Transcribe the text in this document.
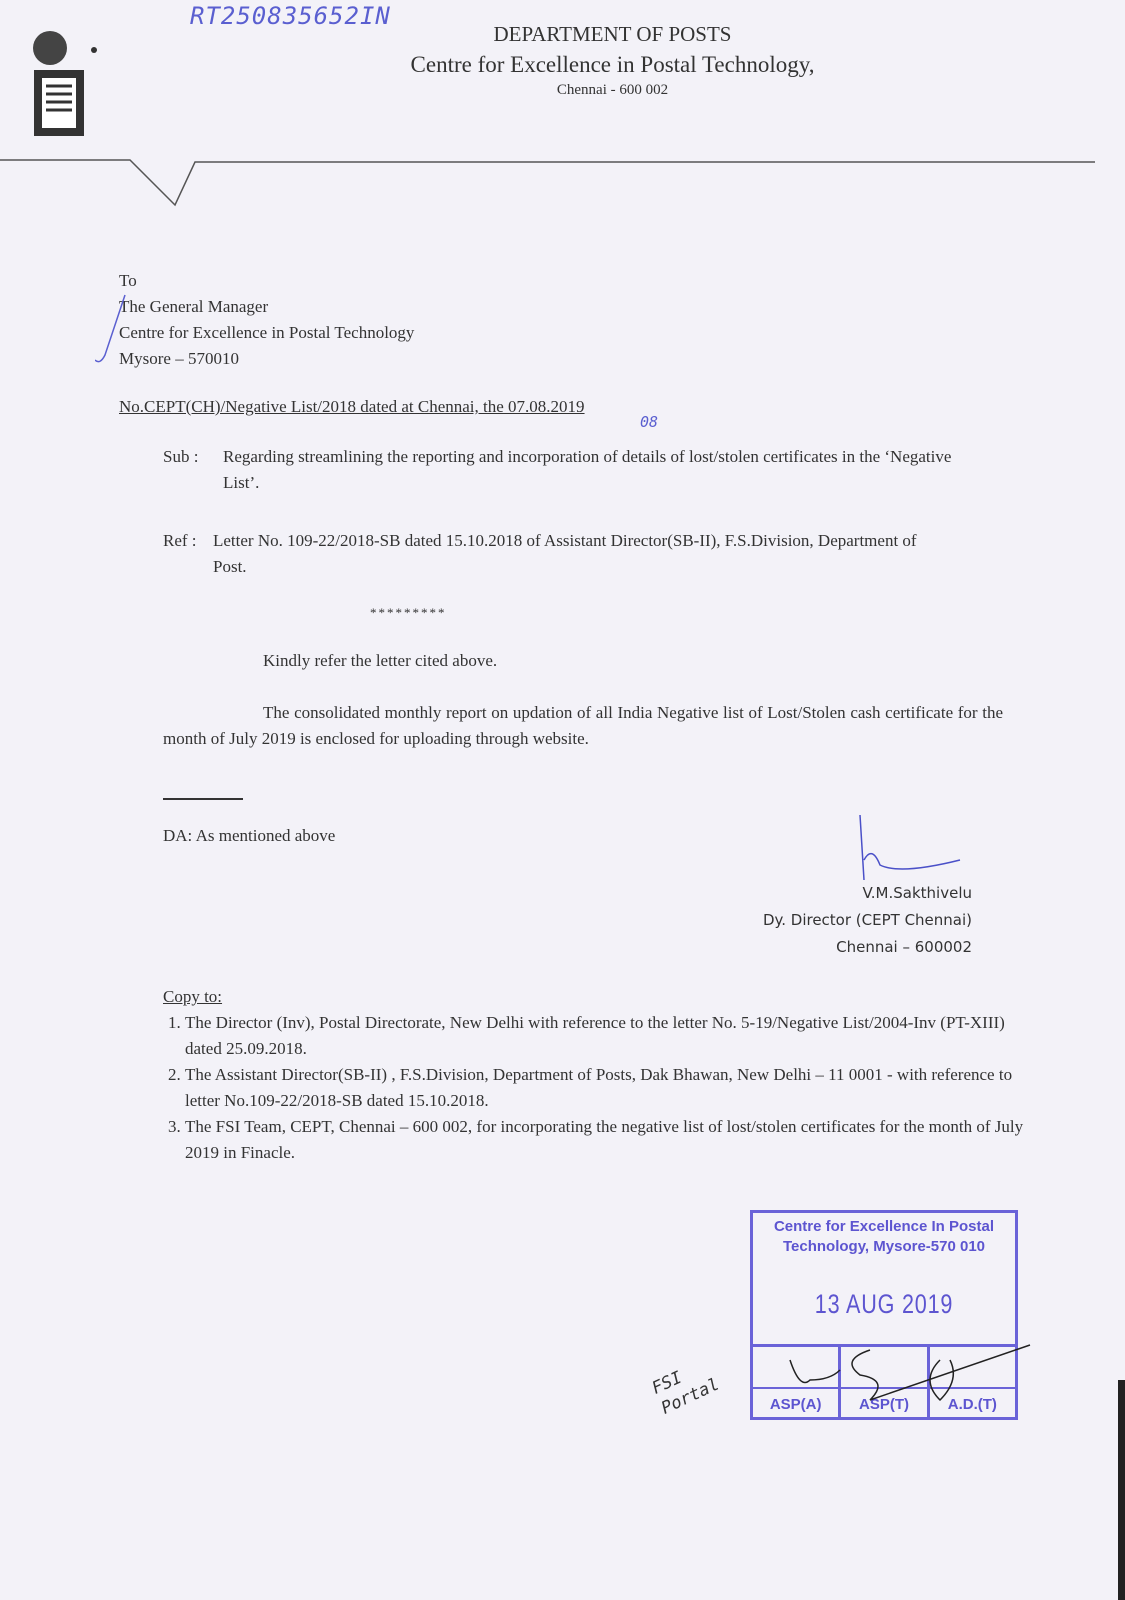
RT250835652IN
DEPARTMENT OF POSTS
Centre for Excellence in Postal Technology,
Chennai - 600 002
To
The General Manager
Centre for Excellence in Postal Technology
Mysore – 570010
No.CEPT(CH)/Negative List/2018 dated at Chennai, the 07.08.2019
08
Sub :	Regarding streamlining the reporting and incorporation of details of lost/stolen certificates in the ‘Negative List’.
Ref : Letter No. 109-22/2018-SB dated 15.10.2018 of Assistant Director(SB-II), F.S.Division, Department of Post.
*********
Kindly refer the letter cited above.
The consolidated monthly report on updation of all India Negative list of Lost/Stolen cash certificate for the month of July 2019 is enclosed for uploading through website.
DA: As mentioned above
V.M.Sakthivelu
Dy. Director (CEPT Chennai)
Chennai – 600002
Copy to:
1. The Director (Inv), Postal Directorate, New Delhi with reference to the letter No. 5-19/Negative List/2004-Inv (PT-XIII) dated 25.09.2018.
2. The Assistant Director(SB-II) , F.S.Division, Department of Posts, Dak Bhawan, New Delhi – 11 0001 - with reference to letter No.109-22/2018-SB dated 15.10.2018.
3. The FSI Team, CEPT, Chennai – 600 002, for incorporating the negative list of lost/stolen certificates for the month of July 2019 in Finacle.
Centre for Excellence In Postal
Technology, Mysore-570 010
13 AUG 2019
ASP(A)	ASP(T)	A.D.(T)
FSI Portal
